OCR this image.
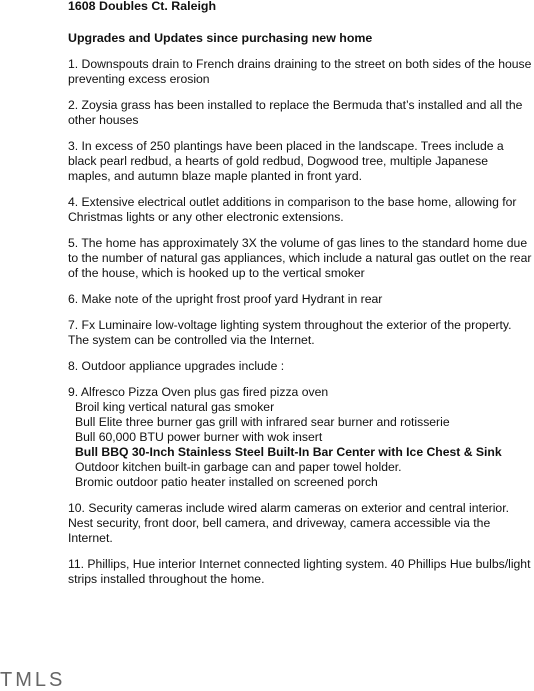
1608 Doubles Ct. Raleigh

Upgrades and Updates since purchasing new home

1. Downspouts drain to French drains draining to the street on both sides of the house preventing excess erosion

2. Zoysia grass has been installed to replace the Bermuda that’s installed and all the other houses

3. In excess of 250 plantings have been placed in the landscape. Trees include a black pearl redbud, a hearts of gold redbud, Dogwood tree, multiple Japanese maples, and autumn blaze maple planted in front yard.

4. Extensive electrical outlet additions in comparison to the base home, allowing for Christmas lights or any other electronic extensions.

5. The home has approximately 3X the volume of gas lines to the standard home due to the number of natural gas appliances, which include a natural gas outlet on the rear of the house, which is hooked up to the vertical smoker

6. Make note of the upright frost proof yard Hydrant in rear

7. Fx Luminaire low-voltage lighting system throughout the exterior of the property. The system can be controlled via the Internet.

8. Outdoor appliance upgrades include :

9. Alfresco Pizza Oven plus gas fired pizza oven

Broil king vertical natural gas smoker

Bull Elite three burner gas grill with infrared sear burner and rotisserie

Bull 60,000 BTU power burner with wok insert

Bull BBQ 30-Inch Stainless Steel Built-In Bar Center with Ice Chest & Sink

Outdoor kitchen built-in garbage can and paper towel holder.

Bromic outdoor patio heater installed on screened porch

10. Security cameras include wired alarm cameras on exterior and central interior.

Nest security, front door, bell camera, and driveway, camera accessible via the Internet.

11. Phillips, Hue interior Internet connected lighting system. 40 Phillips Hue bulbs/light strips installed throughout the home.

TMLS
